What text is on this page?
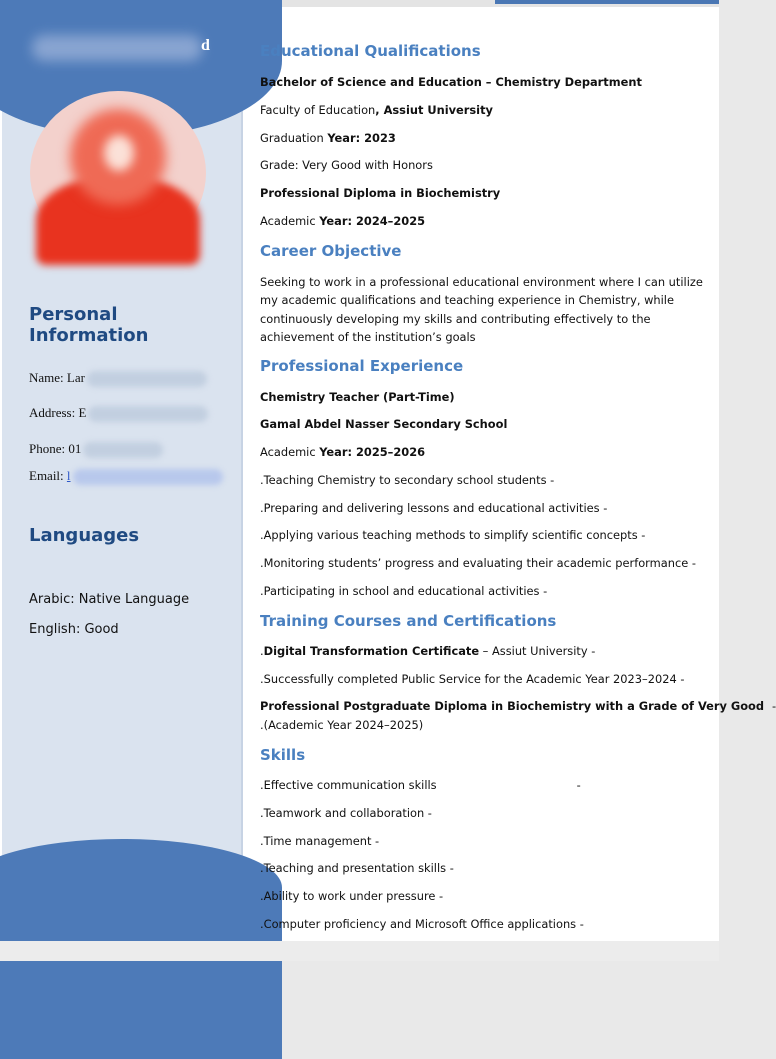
d
Personal Information
Name: Lar
Address: E
Phone: 01
Email: l
Languages
Arabic: Native Language
English: Good
Educational Qualifications
Bachelor of Science and Education – Chemistry Department
Faculty of Education, Assiut University
Graduation Year: 2023
Grade: Very Good with Honors
Professional Diploma in Biochemistry
Academic Year: 2024–2025
Career Objective
Seeking to work in a professional educational environment where I can utilize my academic qualifications and teaching experience in Chemistry, while continuously developing my skills and contributing effectively to the achievement of the institution’s goals
Professional Experience
Chemistry Teacher (Part-Time)
Gamal Abdel Nasser Secondary School
Academic Year: 2025–2026
.Teaching Chemistry to secondary school students -
.Preparing and delivering lessons and educational activities -
.Applying various teaching methods to simplify scientific concepts -
.Monitoring students’ progress and evaluating their academic performance -
.Participating in school and educational activities -
Training Courses and Certifications
.Digital Transformation Certificate – Assiut University -
.Successfully completed Public Service for the Academic Year 2023–2024 -
Professional Postgraduate Diploma in Biochemistry with a Grade of Very Good -
.(Academic Year 2024–2025)
Skills
.Effective communication skills	-
.Teamwork and collaboration -
.Time management -
.Teaching and presentation skills -
.Ability to work under pressure -
.Computer proficiency and Microsoft Office applications -
